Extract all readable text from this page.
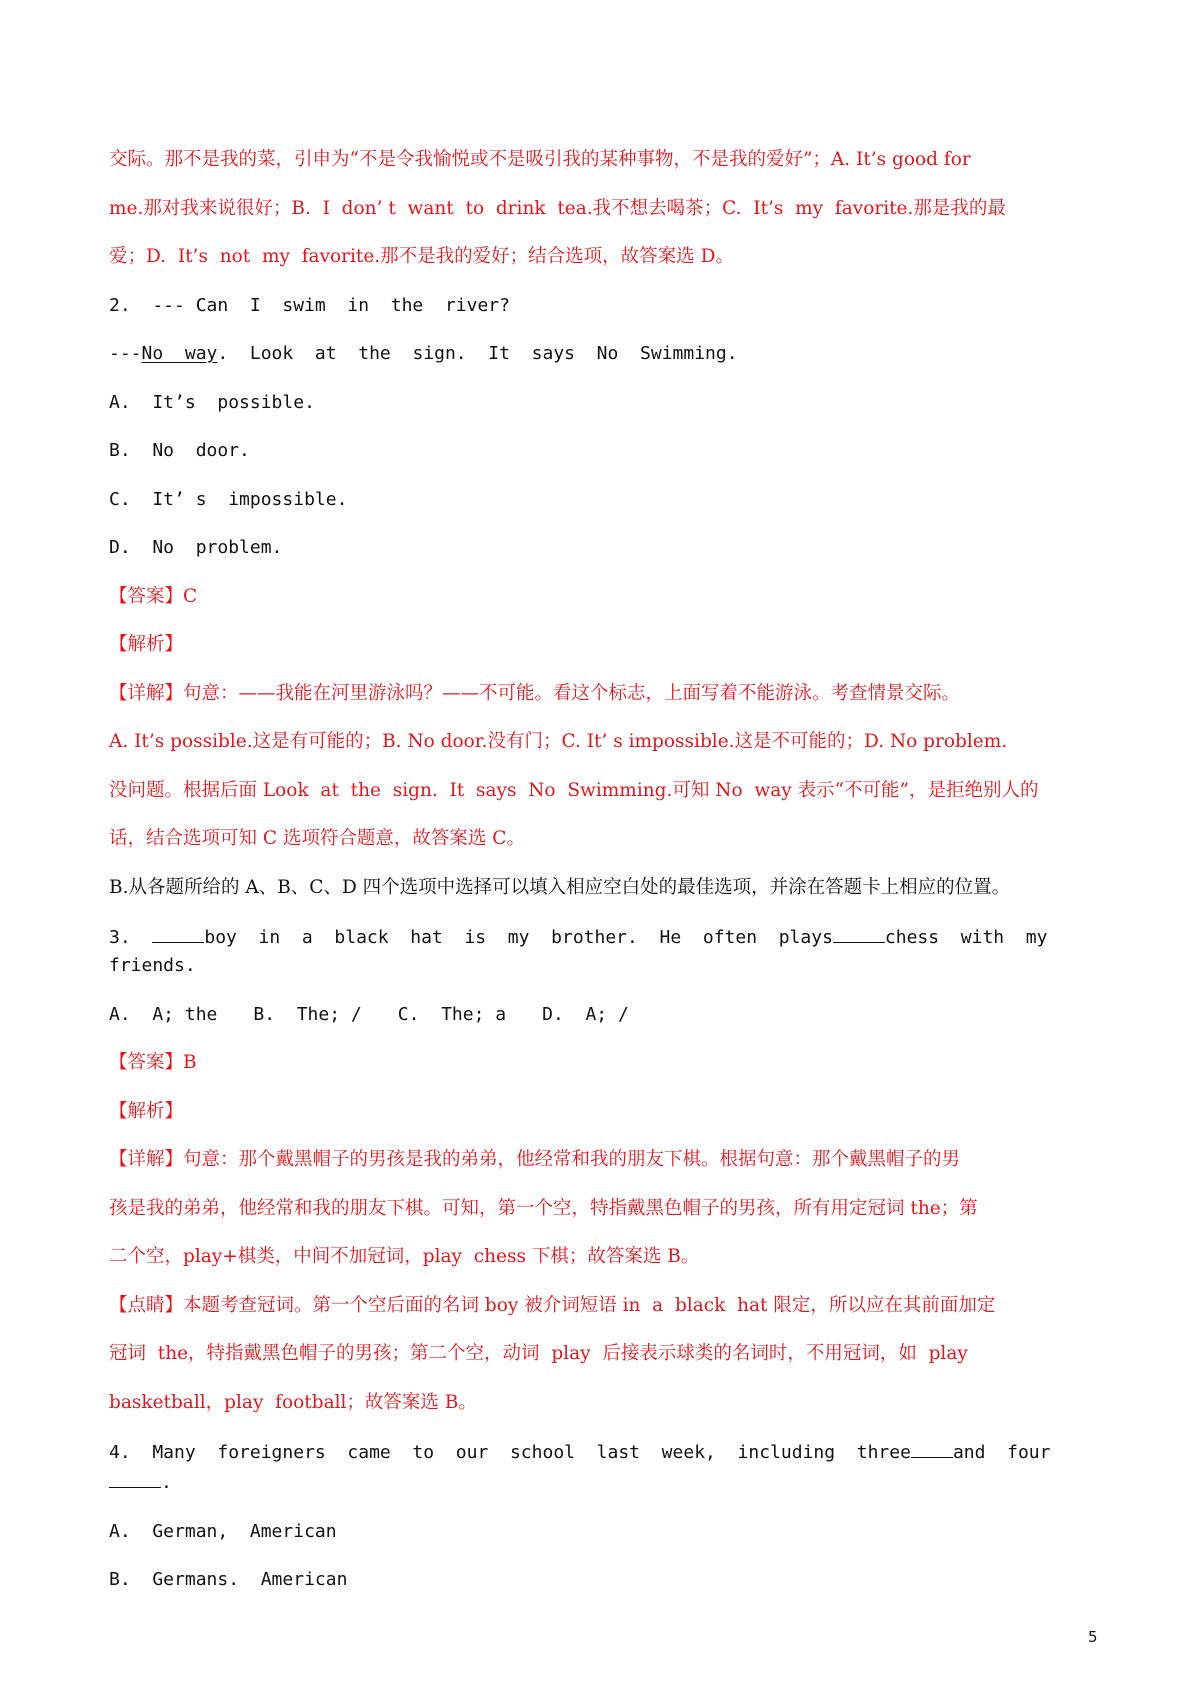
交际。那不是我的菜，引申为“不是令我愉悦或不是吸引我的某种事物，不是我的爱好”；A. It’s good for

me.那对我来说很好；B.  I  don’ t  want  to  drink  tea.我不想去喝茶；C.  It’s  my  favorite.那是我的最

爱；D.  It’s  not  my  favorite.那不是我的爱好；结合选项，故答案选 D。

2.  --- Can  I  swim  in  the  river?

---No  way.  Look  at  the  sign.  It  says  No  Swimming.

A.  It’s  possible.

B.  No  door.

C.  It’ s  impossible.

D.  No  problem.

【答案】C

【解析】

【详解】句意：——我能在河里游泳吗？——不可能。看这个标志，上面写着不能游泳。考查情景交际。

A. It’s possible.这是有可能的；B. No door.没有门；C. It’ s impossible.这是不可能的；D. No problem.

没问题。根据后面 Look  at  the  sign.  It  says  No  Swimming.可知 No  way 表示“不可能”，是拒绝别人的

话，结合选项可知 C 选项符合题意，故答案选 C。

B.从各题所给的 A、B、C、D 四个选项中选择可以填入相应空白处的最佳选项，并涂在答题卡上相应的位置。

3.	boy  in  a  black  hat  is  my  brother.  He  often  plays	chess  with  my  friends.

A.  A; the B.  The; / C.  The; a D.  A; /

【答案】B

【解析】

【详解】句意：那个戴黑帽子的男孩是我的弟弟，他经常和我的朋友下棋。根据句意：那个戴黑帽子的男

孩是我的弟弟，他经常和我的朋友下棋。可知，第一个空，特指戴黑色帽子的男孩，所有用定冠词 the；第

二个空，play+棋类，中间不加冠词，play  chess 下棋；故答案选 B。

【点睛】本题考查冠词。第一个空后面的名词 boy 被介词短语 in  a  black  hat 限定，所以应在其前面加定

冠词  the，特指戴黑色帽子的男孩；第二个空，动词  play  后接表示球类的名词时，不用冠词，如  play

basketball，play  football；故答案选 B。

4.  Many  foreigners  came  to  our  school  last  week,  including  three and  four.

A.  German,  American

B.  Germans.  American

5
